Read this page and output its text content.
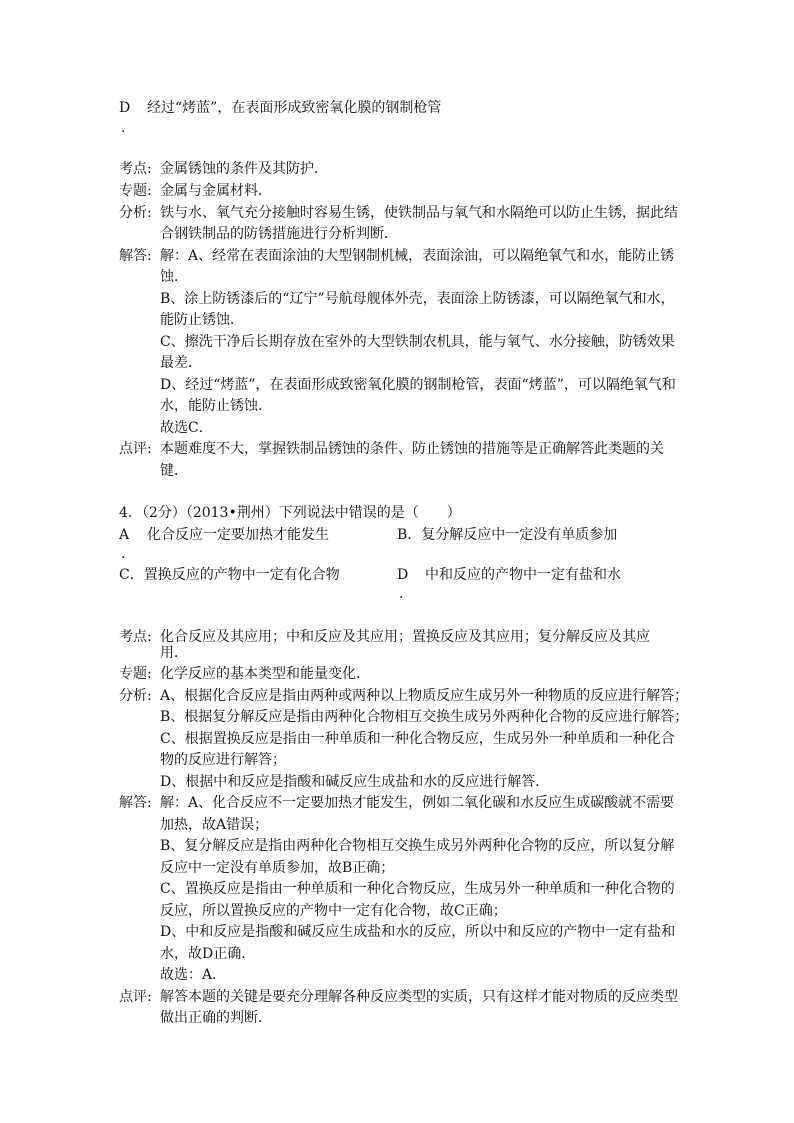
D 经过“烤蓝”，在表面形成致密氧化膜的钢制枪管
.
考点: 金属锈蚀的条件及其防护．
专题: 金属与金属材料．
分析: 铁与水、氧气充分接触时容易生锈，使铁制品与氧气和水隔绝可以防止生锈，据此结
合钢铁制品的防锈措施进行分析判断．
解答: 解：A、经常在表面涂油的大型钢制机械，表面涂油，可以隔绝氧气和水，能防止锈
蚀．
B、涂上防锈漆后的“辽宁”号航母舰体外壳，表面涂上防锈漆，可以隔绝氧气和水，
能防止锈蚀．
C、擦洗干净后长期存放在室外的大型铁制农机具，能与氧气、水分接触，防锈效果
最差．
D、经过“烤蓝”，在表面形成致密氧化膜的钢制枪管，表面“烤蓝”，可以隔绝氧气和
水，能防止锈蚀．
故选C．
点评: 本题难度不大，掌握铁制品锈蚀的条件、防止锈蚀的措施等是正确解答此类题的关
键．
4．（2分）（2013•荆州）下列说法中错误的是（　　）
A 化合反应一定要加热才能发生	B．复分解反应中一定没有单质参加
.
C．置换反应的产物中一定有化合物	D 中和反应的产物中一定有盐和水
.
考点: 化合反应及其应用；中和反应及其应用；置换反应及其应用；复分解反应及其应
用．
专题: 化学反应的基本类型和能量变化．
分析: A、根据化合反应是指由两种或两种以上物质反应生成另外一种物质的反应进行解答；
B、根据复分解反应是指由两种化合物相互交换生成另外两种化合物的反应进行解答；
C、根据置换反应是指由一种单质和一种化合物反应，生成另外一种单质和一种化合
物的反应进行解答；
D、根据中和反应是指酸和碱反应生成盐和水的反应进行解答．
解答: 解：A、化合反应不一定要加热才能发生，例如二氧化碳和水反应生成碳酸就不需要
加热，故A错误；
B、复分解反应是指由两种化合物相互交换生成另外两种化合物的反应，所以复分解
反应中一定没有单质参加，故B正确；
C、置换反应是指由一种单质和一种化合物反应，生成另外一种单质和一种化合物的
反应，所以置换反应的产物中一定有化合物，故C正确；
D、中和反应是指酸和碱反应生成盐和水的反应，所以中和反应的产物中一定有盐和
水，故D正确．
故选：A．
点评: 解答本题的关键是要充分理解各种反应类型的实质，只有这样才能对物质的反应类型
做出正确的判断．
